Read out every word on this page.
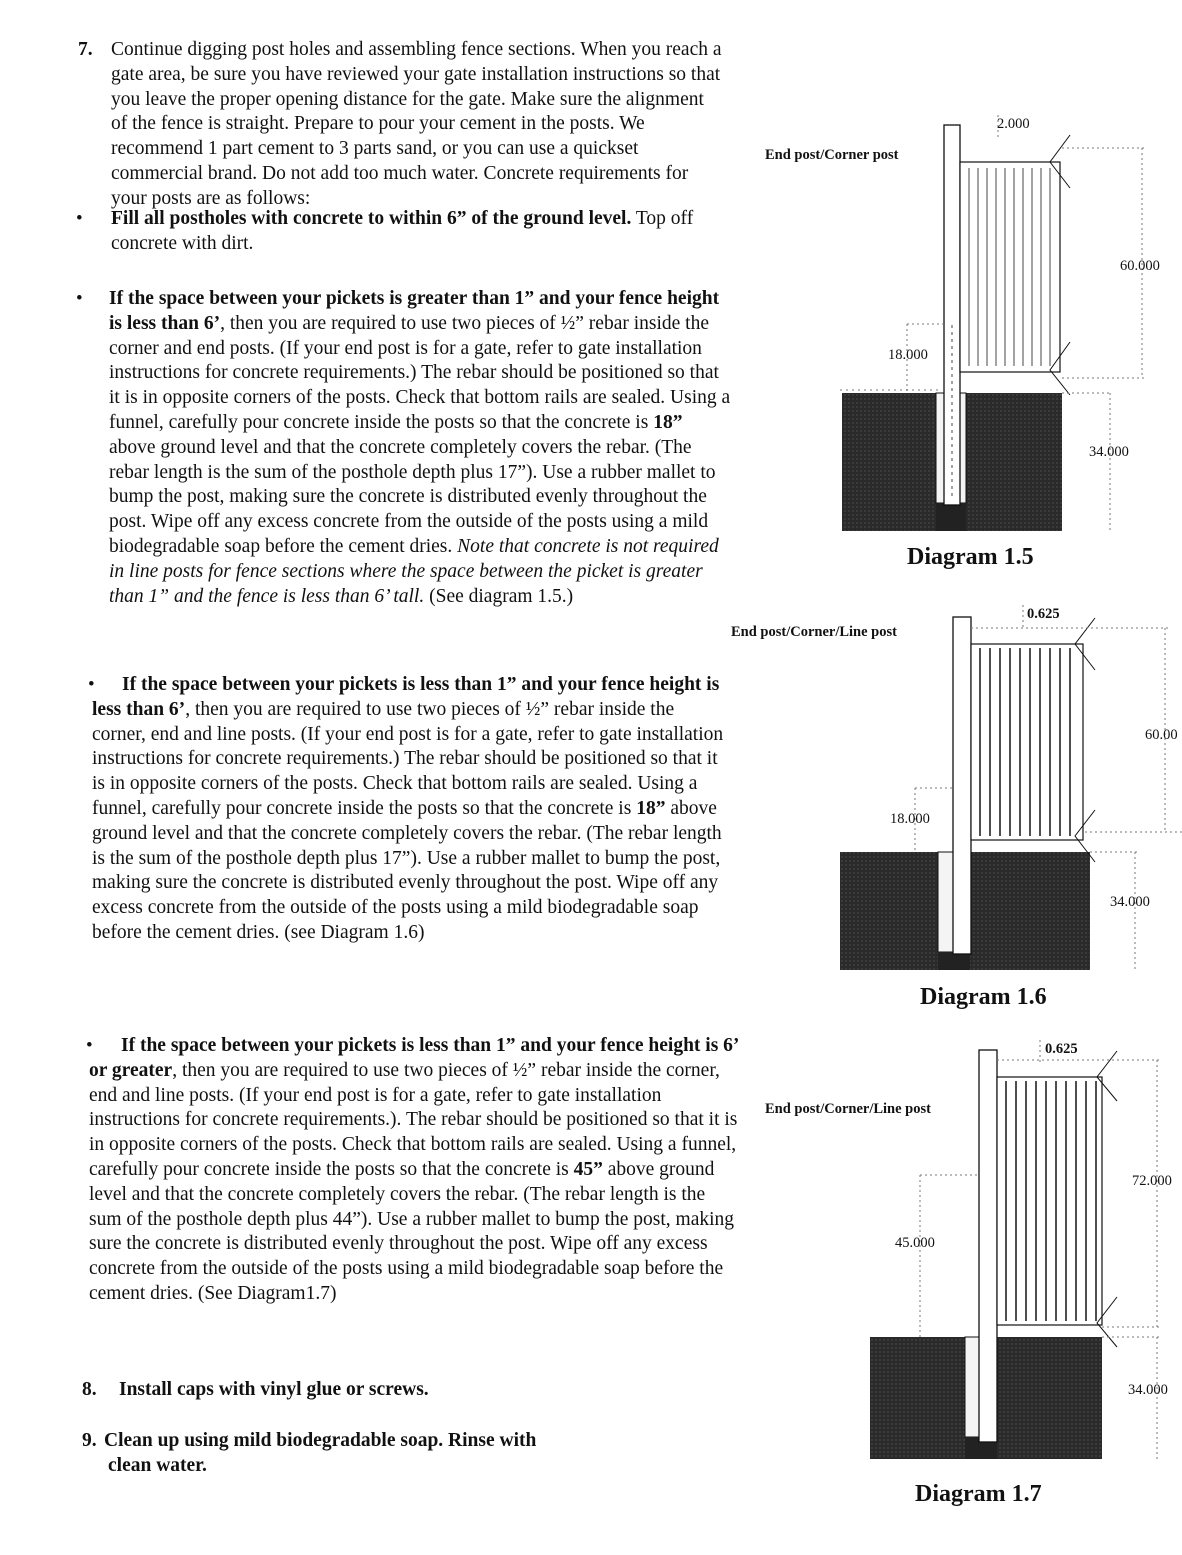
7. Continue digging post holes and assembling fence sections. When you reach a gate area, be sure you have reviewed your gate installation instructions so that you leave the proper opening distance for the gate. Make sure the alignment of the fence is straight. Prepare to pour your cement in the posts. We recommend 1 part cement to 3 parts sand, or you can use a quickset commercial brand. Do not add too much water. Concrete requirements for your posts are as follows:

• Fill all postholes with concrete to within 6” of the ground level. Top off concrete with dirt.

• If the space between your pickets is greater than 1” and your fence height is less than 6’, then you are required to use two pieces of ½” rebar inside the corner and end posts. (If your end post is for a gate, refer to gate installation instructions for concrete requirements.) The rebar should be positioned so that it is in opposite corners of the posts. Check that bottom rails are sealed. Using a funnel, carefully pour concrete inside the posts so that the concrete is 18” above ground level and that the concrete completely covers the rebar. (The rebar length is the sum of the posthole depth plus 17”). Use a rubber mallet to bump the post, making sure the concrete is distributed evenly throughout the post. Wipe off any excess concrete from the outside of the posts using a mild biodegradable soap before the cement dries. Note that concrete is not required in line posts for fence sections where the space between the picket is greater than 1” and the fence is less than 6’ tall. (See diagram 1.5.)

•	If the space between your pickets is less than 1” and your fence height is less than 6’, then you are required to use two pieces of ½” rebar inside the corner, end and line posts. (If your end post is for a gate, refer to gate installation instructions for concrete requirements.) The rebar should be positioned so that it is in opposite corners of the posts. Check that bottom rails are sealed. Using a funnel, carefully pour concrete inside the posts so that the concrete is 18” above ground level and that the concrete completely covers the rebar. (The rebar length is the sum of the posthole depth plus 17”). Use a rubber mallet to bump the post, making sure the concrete is distributed evenly throughout the post. Wipe off any excess concrete from the outside of the posts using a mild biodegradable soap before the cement dries. (see Diagram 1.6)

•	If the space between your pickets is less than 1” and your fence height is 6’ or greater, then you are required to use two pieces of ½” rebar inside the corner, end and line posts. (If your end post is for a gate, refer to gate installation instructions for concrete requirements.). The rebar should be positioned so that it is in opposite corners of the posts. Check that bottom rails are sealed. Using a funnel, carefully pour concrete inside the posts so that the concrete is 45” above ground level and that the concrete completely covers the rebar. (The rebar length is the sum of the posthole depth plus 44”). Use a rubber mallet to bump the post, making sure the concrete is distributed evenly throughout the post. Wipe off any excess concrete from the outside of the posts using a mild biodegradable soap before the cement dries. (See Diagram1.7)

8. Install caps with vinyl glue or screws.
9. Clean up using mild biodegradable soap. Rinse with
clean water.
End post/Corner post
2.000
60.000
18.000
34.000
Diagram 1.5
End post/Corner/Line post
0.625
60.00
18.000
34.000
Diagram 1.6
End post/Corner/Line post
0.625
72.000
45.000
34.000
Diagram 1.7
